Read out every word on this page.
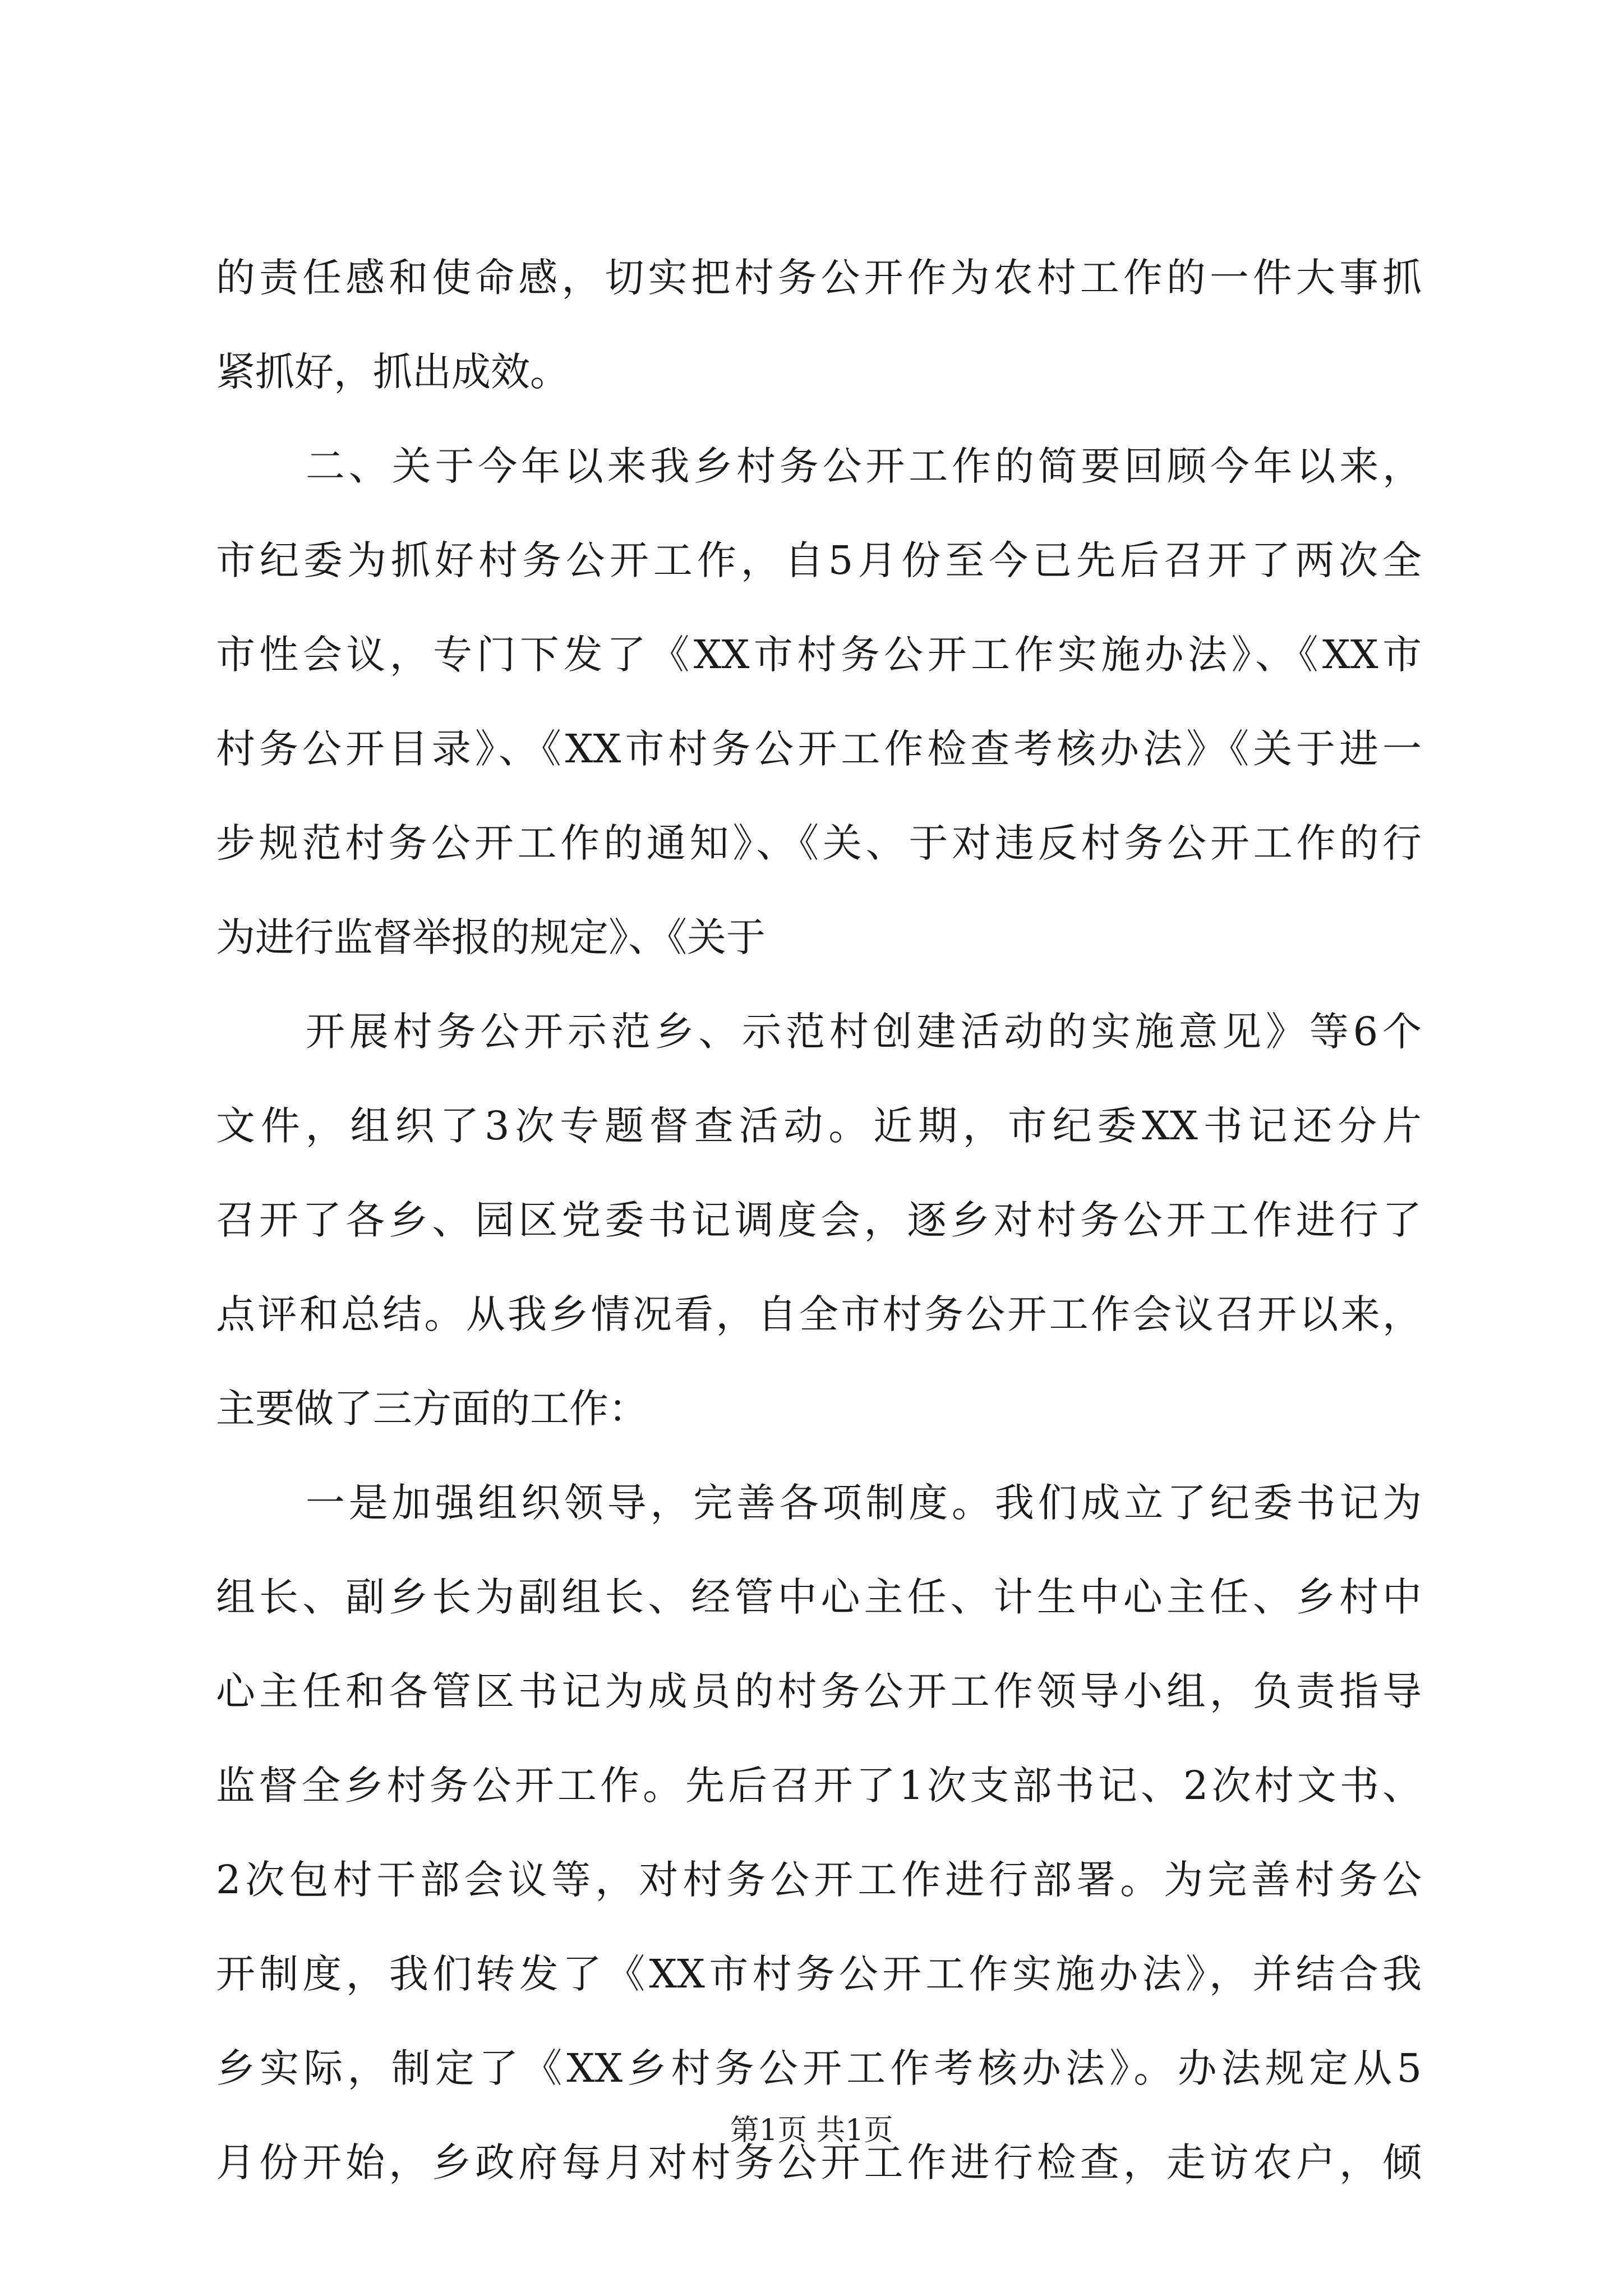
的责任感和使命感，切实把村务公开作为农村工作的一件大事抓
紧抓好，抓出成效。
二、关于今年以来我乡村务公开工作的简要回顾今年以来，
市纪委为抓好村务公开工作，自5月份至今已先后召开了两次全
市性会议，专门下发了《XX市村务公开工作实施办法》、《XX市
村务公开目录》、《XX市村务公开工作检查考核办法》《关于进一
步规范村务公开工作的通知》、《关、于对违反村务公开工作的行
为进行监督举报的规定》、《关于
开展村务公开示范乡、示范村创建活动的实施意见》等6个
文件，组织了3次专题督查活动。近期，市纪委XX书记还分片
召开了各乡、园区党委书记调度会，逐乡对村务公开工作进行了
点评和总结。从我乡情况看，自全市村务公开工作会议召开以来，
主要做了三方面的工作：
一是加强组织领导，完善各项制度。我们成立了纪委书记为
组长、副乡长为副组长、经管中心主任、计生中心主任、乡村中
心主任和各管区书记为成员的村务公开工作领导小组，负责指导
监督全乡村务公开工作。先后召开了1次支部书记、2次村文书、
2次包村干部会议等，对村务公开工作进行部署。为完善村务公
开制度，我们转发了《XX市村务公开工作实施办法》，并结合我
乡实际，制定了《XX乡村务公开工作考核办法》。办法规定从5
月份开始，乡政府每月对村务公开工作进行检查，走访农户，倾
第1页 共1页
